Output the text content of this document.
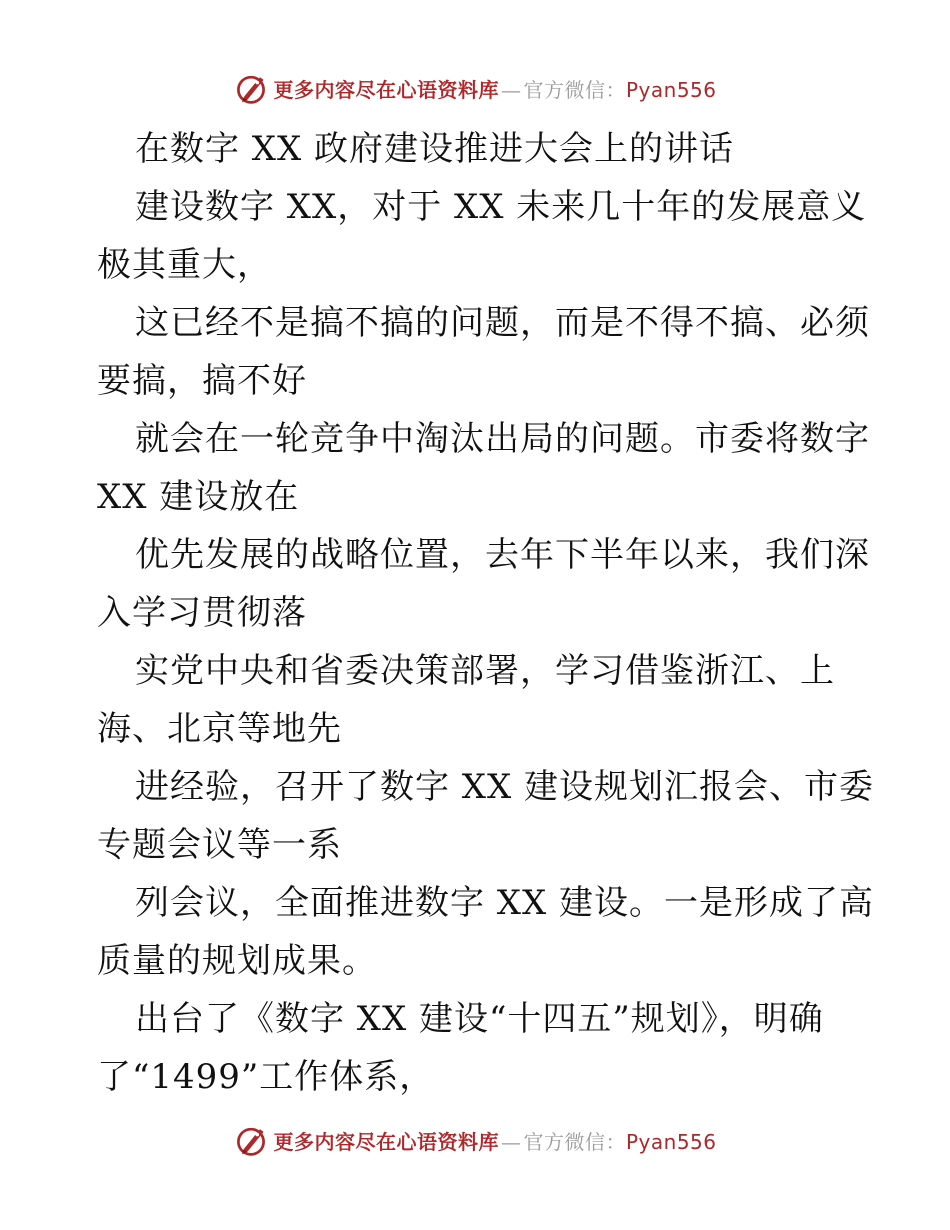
更多内容尽在心语资料库 — 官方微信：Pyan556
在数字 XX 政府建设推进大会上的讲话
建设数字 XX，对于 XX 未来几十年的发展意义
极其重大，
这已经不是搞不搞的问题，而是不得不搞、必须
要搞，搞不好
就会在一轮竞争中淘汰出局的问题。市委将数字
XX 建设放在
优先发展的战略位置，去年下半年以来，我们深
入学习贯彻落
实党中央和省委决策部署，学习借鉴浙江、上
海、北京等地先
进经验，召开了数字 XX 建设规划汇报会、市委
专题会议等一系
列会议，全面推进数字 XX 建设。一是形成了高
质量的规划成果。
出台了《数字 XX 建设“十四五”规划》，明确
了“1499”工作体系，
更多内容尽在心语资料库 — 官方微信：Pyan556
